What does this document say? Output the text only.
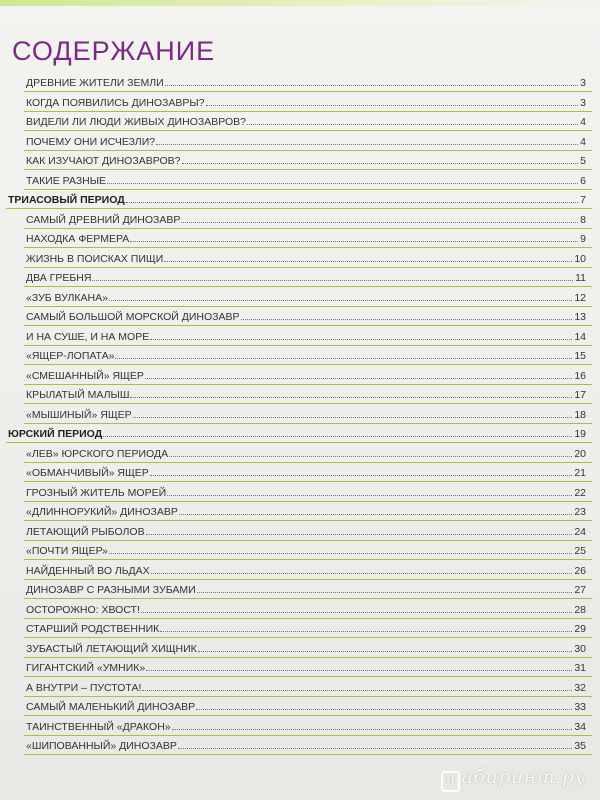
СОДЕРЖАНИЕ
ДРЕВНИЕ ЖИТЕЛИ ЗЕМЛИ	3
КОГДА ПОЯВИЛИСЬ ДИНОЗАВРЫ?	3
ВИДЕЛИ ЛИ ЛЮДИ ЖИВЫХ ДИНОЗАВРОВ?	4
ПОЧЕМУ ОНИ ИСЧЕЗЛИ?	4
КАК ИЗУЧАЮТ ДИНОЗАВРОВ?	5
ТАКИЕ РАЗНЫЕ	6
ТРИАСОВЫЙ ПЕРИОД	7
САМЫЙ ДРЕВНИЙ ДИНОЗАВР	8
НАХОДКА ФЕРМЕРА	9
ЖИЗНЬ В ПОИСКАХ ПИЩИ	10
ДВА ГРЕБНЯ	11
«ЗУБ ВУЛКАНА»	12
САМЫЙ БОЛЬШОЙ МОРСКОЙ ДИНОЗАВР	13
И НА СУШЕ, И НА МОРЕ	14
«ЯЩЕР-ЛОПАТА»	15
«СМЕШАННЫЙ» ЯЩЕР	16
КРЫЛАТЫЙ МАЛЫШ	17
«МЫШИНЫЙ» ЯЩЕР	18
ЮРСКИЙ ПЕРИОД	19
«ЛЕВ» ЮРСКОГО ПЕРИОДА	20
«ОБМАНЧИВЫЙ» ЯЩЕР	21
ГРОЗНЫЙ ЖИТЕЛЬ МОРЕЙ	22
«ДЛИННОРУКИЙ» ДИНОЗАВР	23
ЛЕТАЮЩИЙ РЫБОЛОВ	24
«ПОЧТИ ЯЩЕР»	25
НАЙДЕННЫЙ ВО ЛЬДАХ	26
ДИНОЗАВР С РАЗНЫМИ ЗУБАМИ	27
ОСТОРОЖНО: ХВОСТ!	28
СТАРШИЙ РОДСТВЕННИК	29
ЗУБАСТЫЙ ЛЕТАЮЩИЙ ХИЩНИК	30
ГИГАНТСКИЙ «УМНИК»	31
А ВНУТРИ – ПУСТОТА!	32
САМЫЙ МАЛЕНЬКИЙ ДИНОЗАВР	33
ТАИНСТВЕННЫЙ «ДРАКОН»	34
«ШИПОВАННЫЙ» ДИНОЗАВР	35
Л абиринт.ру
